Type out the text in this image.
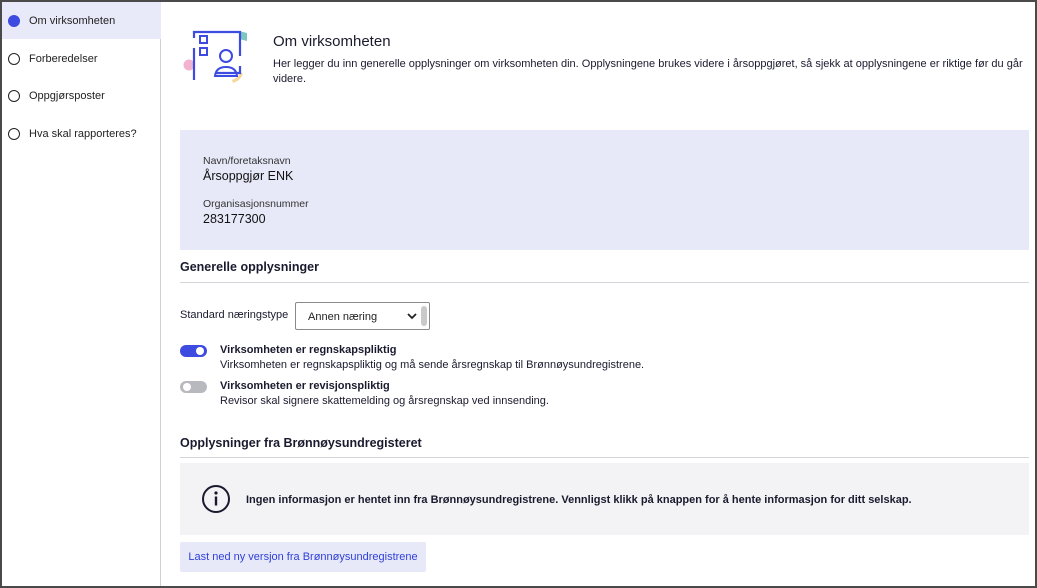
Om virksomheten
Forberedelser
Oppgjørsposter
Hva skal rapporteres?
Om virksomheten
Her legger du inn generelle opplysninger om virksomheten din. Opplysningene brukes videre i årsoppgjøret, så sjekk at opplysningene er riktige før du går videre.
Navn/foretaksnavn
Årsoppgjør ENK
Organisasjonsnummer
283177300
Generelle opplysninger
Standard næringstype Annen næring
Virksomheten er regnskapspliktig
Virksomheten er regnskapspliktig og må sende årsregnskap til Brønnøysundregistrene.
Virksomheten er revisjonspliktig
Revisor skal signere skattemelding og årsregnskap ved innsending.
Opplysninger fra Brønnøysundregisteret
Ingen informasjon er hentet inn fra Brønnøysundregistrene. Vennligst klikk på knappen for å hente informasjon for ditt selskap.
Last ned ny versjon fra Brønnøysundregistrene
